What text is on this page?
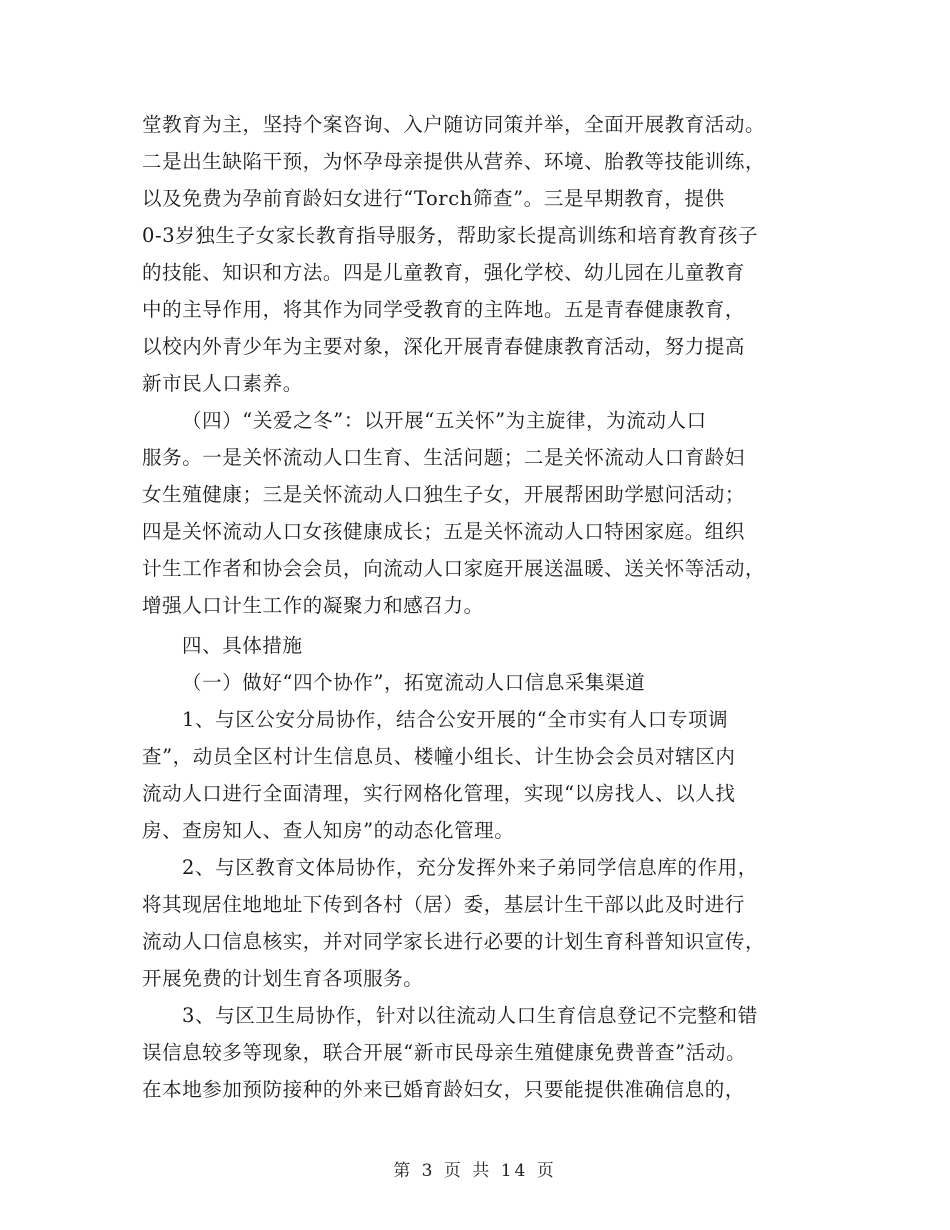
堂教育为主，坚持个案咨询、入户随访同策并举，全面开展教育活动。
二是出生缺陷干预，为怀孕母亲提供从营养、环境、胎教等技能训练，
以及免费为孕前育龄妇女进行“Torch筛查”。三是早期教育，提供
0-3岁独生子女家长教育指导服务，帮助家长提高训练和培育教育孩子
的技能、知识和方法。四是儿童教育，强化学校、幼儿园在儿童教育
中的主导作用，将其作为同学受教育的主阵地。五是青春健康教育，
以校内外青少年为主要对象，深化开展青春健康教育活动，努力提高
新市民人口素养。
（四）“关爱之冬”：以开展“五关怀”为主旋律，为流动人口
服务。一是关怀流动人口生育、生活问题；二是关怀流动人口育龄妇
女生殖健康；三是关怀流动人口独生子女，开展帮困助学慰问活动；
四是关怀流动人口女孩健康成长；五是关怀流动人口特困家庭。组织
计生工作者和协会会员，向流动人口家庭开展送温暖、送关怀等活动，
增强人口计生工作的凝聚力和感召力。
四、具体措施
（一）做好“四个协作”，拓宽流动人口信息采集渠道
1、与区公安分局协作，结合公安开展的“全市实有人口专项调
查”，动员全区村计生信息员、楼幢小组长、计生协会会员对辖区内
流动人口进行全面清理，实行网格化管理，实现“以房找人、以人找
房、查房知人、查人知房”的动态化管理。
2、与区教育文体局协作，充分发挥外来子弟同学信息库的作用，
将其现居住地地址下传到各村（居）委，基层计生干部以此及时进行
流动人口信息核实，并对同学家长进行必要的计划生育科普知识宣传，
开展免费的计划生育各项服务。
3、与区卫生局协作，针对以往流动人口生育信息登记不完整和错
误信息较多等现象，联合开展“新市民母亲生殖健康免费普查”活动。
在本地参加预防接种的外来已婚育龄妇女，只要能提供准确信息的，
第 3 页 共 14 页
